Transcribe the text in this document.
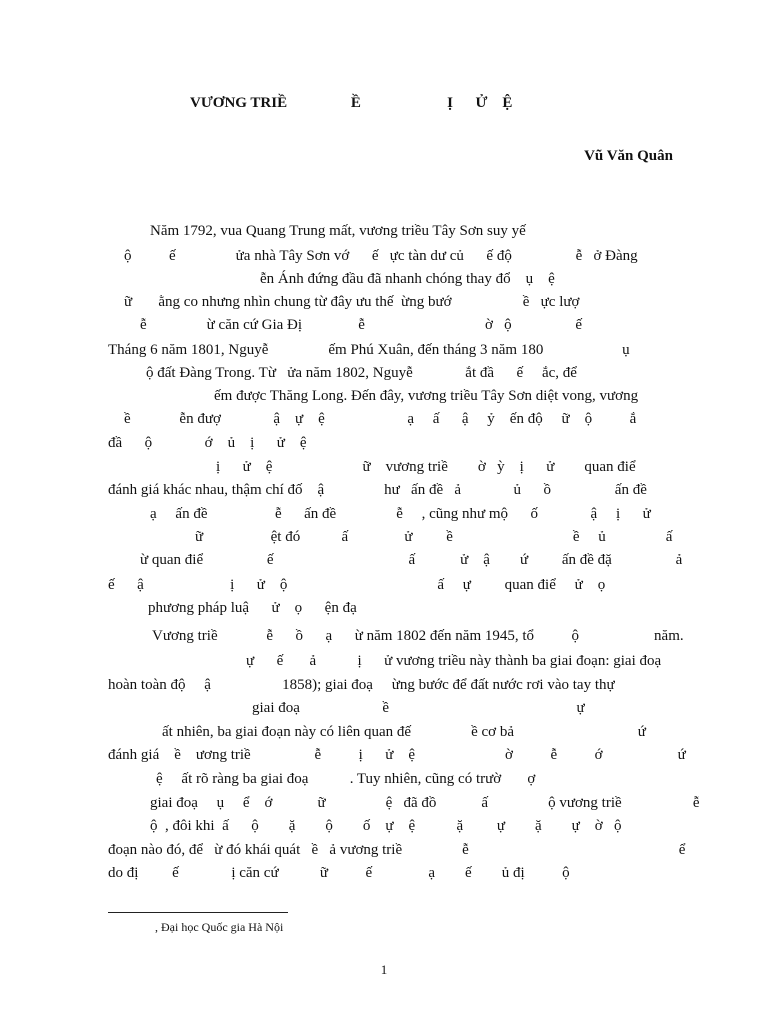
VƯƠNG TRIỀ                 Ề                       Ị      Ử    Ệ
Vũ Văn Quân
Năm 1792, vua Quang Trung mất, vương triều Tây Sơn suy yế
ộ          ế                ửa nhà Tây Sơn vớ      ế   ực tàn dư củ      ế độ                 ễ   ở Đàng
ễn Ánh đứng đầu đã nhanh chóng thay đổ    ụ    ệ
ữ       ằng co nhưng nhìn chung từ đây ưu thế  ừng bướ                   ề   ực lượ
ễ                ừ căn cứ Gia Đị               ễ                                ờ   ộ                 ế
Tháng 6 năm 1801, Nguyễ                ếm Phú Xuân, đến tháng 3 năm 180                     ụ
ộ đất Đàng Trong. Từ   ửa năm 1802, Nguyễ              ắt đầ      ế     ắc, để
ếm được Thăng Long. Đến đây, vương triều Tây Sơn diệt vong, vương
ề             ễn đượ              ậ    ự    ệ                      ạ     ấ      ậ     ỷ    ến độ     ữ    ộ          ắ
đầ      ộ              ớ    ủ    ị      ử    ệ
ị      ử    ệ                        ữ    vương triề        ờ   ỳ    ị      ử        quan điể
đánh giá khác nhau, thậm chí đố    ậ                hư   ấn đề   ả              ủ      ồ                 ấn đề
ạ     ấn đề                  ễ      ấn đề                ễ     , cũng như mộ      ố              ậ     ị      ử
ữ                  ệt đó           ấ               ử         ề                                ề     ủ                ấ
ừ quan điể                 ế                                    ấ            ử    ậ        ứ         ấn đề đặ                 ả
ế      ậ                       ị      ử    ộ                                        ấ     ự         quan điể     ử    ọ
phương pháp luậ      ử    ọ      ện đạ
Vương triề             ễ      ồ      ạ      ừ năm 1802 đến năm 1945, tổ          ộ                    năm.
ự      ế       ả           ị      ử vương triều này thành ba giai đoạn: giai đoạ
hoàn toàn độ     ậ                   1858); giai đoạ     ừng bước để đất nước rơi vào tay thự
giai đoạ                      ề                                                  ự
ất nhiên, ba giai đoạn này có liên quan đế                ề cơ bả                                 ứ
đánh giá    ề    ương triề                 ễ          ị      ử    ệ                        ờ          ễ          ớ                    ứ
ệ     ất rõ ràng ba giai đoạ           . Tuy nhiên, cũng có trườ       ợ
giai đoạ     ụ     ể    ớ            ữ                ệ   đã đồ            ấ                ộ vương triề                   ễ
ộ  , đôi khi  ấ      ộ        ặ        ộ        ố    ự    ệ           ặ         ự        ặ        ự    ờ   ộ
đoạn nào đó, để   ừ đó khái quát   ề   ả vương triề                ễ                                                        ể
do đị         ế              ị căn cứ           ữ          ế               ạ        ế        ủ đị          ộ
, Đại học Quốc gia Hà Nội
1
